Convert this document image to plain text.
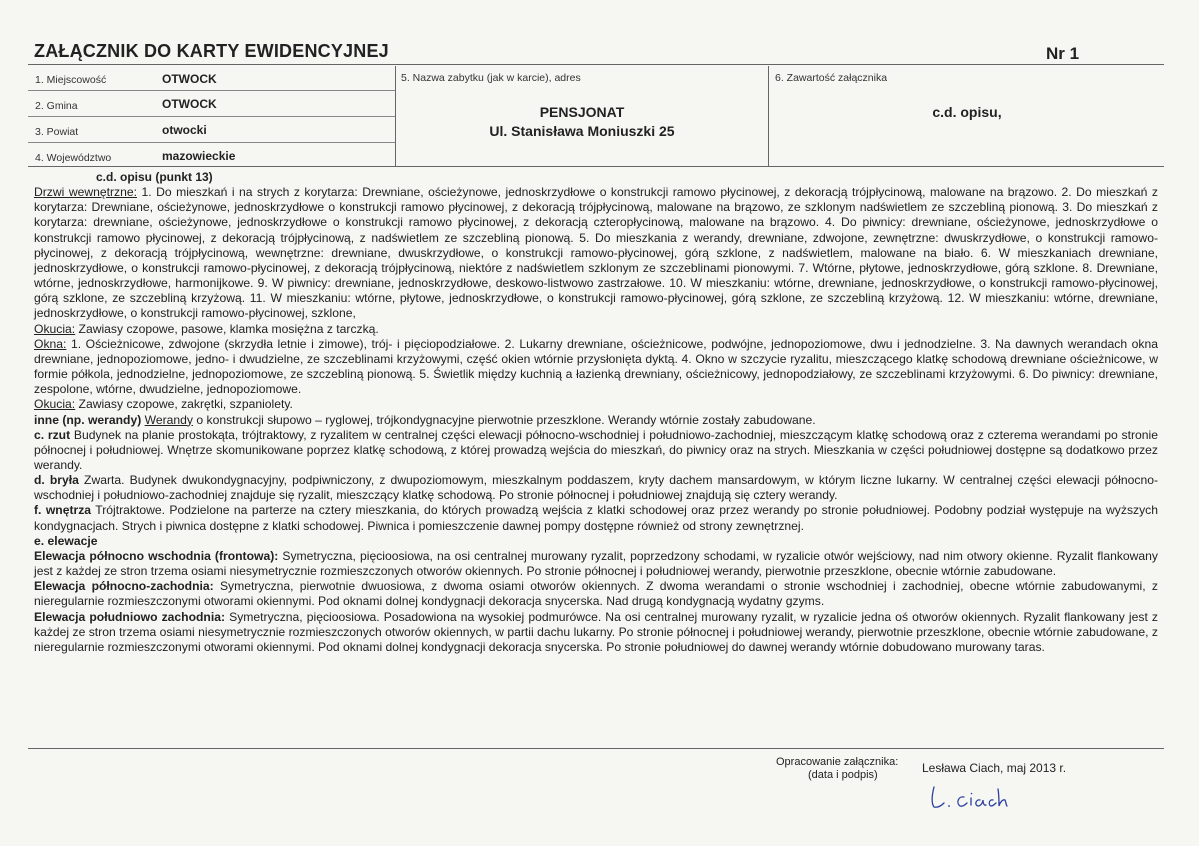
ZAŁĄCZNIK DO KARTY EWIDENCYJNEJ	Nr 1
1. Miejscowość	OTWOCK
2. Gmina	OTWOCK
3. Powiat	otwocki
4. Województwo	mazowieckie
5. Nazwa zabytku (jak w karcie), adres
PENSJONAT
Ul. Stanisława Moniuszki 25
6. Zawartość załącznika
c.d. opisu,

c.d. opisu (punkt 13)

Drzwi wewnętrzne: 1. Do mieszkań i na strych z korytarza: Drewniane, ościeżynowe, jednoskrzydłowe o konstrukcji ramowo płycinowej, z dekoracją trójpłycinową, malowane na brązowo. 2. Do mieszkań z korytarza: Drewniane, ościeżynowe, jednoskrzydłowe o konstrukcji ramowo płycinowej, z dekoracją trójpłycinową, malowane na brązowo, ze szklonym nadświetlem ze szczebliną pionową. 3. Do mieszkań z korytarza: drewniane, ościeżynowe, jednoskrzydłowe o konstrukcji ramowo płycinowej, z dekoracją czteropłycinową, malowane na brązowo. 4. Do piwnicy: drewniane, ościeżynowe, jednoskrzydłowe o konstrukcji ramowo płycinowej, z dekoracją trójpłycinową, z nadświetlem ze szczebliną pionową. 5. Do mieszkania z werandy, drewniane, zdwojone, zewnętrzne: dwuskrzydłowe, o konstrukcji ramowo-płycinowej, z dekoracją trójpłycinową, wewnętrzne: drewniane, dwuskrzydłowe, o konstrukcji ramowo-płycinowej, górą szklone, z nadświetlem, malowane na biało. 6. W mieszkaniach drewniane, jednoskrzydłowe, o konstrukcji ramowo-płycinowej, z dekoracją trójpłycinową, niektóre z nadświetlem szklonym ze szczeblinami pionowymi. 7. Wtórne, płytowe, jednoskrzydłowe, górą szklone. 8. Drewniane, wtórne, jednoskrzydłowe, harmonijkowe. 9. W piwnicy: drewniane, jednoskrzydłowe, deskowo-listwowo zastrzałowe. 10. W mieszkaniu: wtórne, drewniane, jednoskrzydłowe, o konstrukcji ramowo-płycinowej, górą szklone, ze szczebliną krzyżową. 11. W mieszkaniu: wtórne, płytowe, jednoskrzydłowe, o konstrukcji ramowo-płycinowej, górą szklone, ze szczebliną krzyżową. 12. W mieszkaniu: wtórne, drewniane, jednoskrzydłowe, o konstrukcji ramowo-płycinowej, szklone,

Okucia: Zawiasy czopowe, pasowe, klamka mosiężna z tarczką.

Okna: 1. Ościeżnicowe, zdwojone (skrzydła letnie i zimowe), trój- i pięciopodziałowe. 2. Lukarny drewniane, ościeżnicowe, podwójne, jednopoziomowe, dwu i jednodzielne. 3. Na dawnych werandach okna drewniane, jednopoziomowe, jedno- i dwudzielne, ze szczeblinami krzyżowymi, część okien wtórnie przysłonięta dyktą. 4. Okno w szczycie ryzalitu, mieszczącego klatkę schodową drewniane ościeżnicowe, w formie półkola, jednodzielne, jednopoziomowe, ze szczebliną pionową. 5. Świetlik między kuchnią a łazienką drewniany, ościeżnicowy, jednopodziałowy, ze szczeblinami krzyżowymi. 6. Do piwnicy: drewniane, zespolone, wtórne, dwudzielne, jednopoziomowe.

Okucia: Zawiasy czopowe, zakrętki, szpaniolety.

inne (np. werandy) Werandy o konstrukcji słupowo – ryglowej, trójkondygnacyjne pierwotnie przeszklone. Werandy wtórnie zostały zabudowane.

c. rzut Budynek na planie prostokąta, trójtraktowy, z ryzalitem w centralnej części elewacji północno-wschodniej i południowo-zachodniej, mieszczącym klatkę schodową oraz z czterema werandami po stronie północnej i południowej. Wnętrze skomunikowane poprzez klatkę schodową, z której prowadzą wejścia do mieszkań, do piwnicy oraz na strych. Mieszkania w części południowej dostępne są dodatkowo przez werandy.

d. bryła Zwarta. Budynek dwukondygnacyjny, podpiwniczony, z dwupoziomowym, mieszkalnym poddaszem, kryty dachem mansardowym, w którym liczne lukarny. W centralnej części elewacji północno-wschodniej i południowo-zachodniej znajduje się ryzalit, mieszczący klatkę schodową. Po stronie północnej i południowej znajdują się cztery werandy.

f. wnętrza Trójtraktowe. Podzielone na parterze na cztery mieszkania, do których prowadzą wejścia z klatki schodowej oraz przez werandy po stronie południowej. Podobny podział występuje na wyższych kondygnacjach. Strych i piwnica dostępne z klatki schodowej. Piwnica i pomieszczenie dawnej pompy dostępne również od strony zewnętrznej.

e. elewacje

Elewacja północno wschodnia (frontowa): Symetryczna, pięcioosiowa, na osi centralnej murowany ryzalit, poprzedzony schodami, w ryzalicie otwór wejściowy, nad nim otwory okienne. Ryzalit flankowany jest z każdej ze stron trzema osiami niesymetrycznie rozmieszczonych otworów okiennych. Po stronie północnej i południowej werandy, pierwotnie przeszklone, obecnie wtórnie zabudowane.

Elewacja północno-zachodnia: Symetryczna, pierwotnie dwuosiowa, z dwoma osiami otworów okiennych. Z dwoma werandami o stronie wschodniej i zachodniej, obecne wtórnie zabudowanymi, z nieregularnie rozmieszczonymi otworami okiennymi. Pod oknami dolnej kondygnacji dekoracja snycerska. Nad drugą kondygnacją wydatny gzyms.

Elewacja południowo zachodnia: Symetryczna, pięcioosiowa. Posadowiona na wysokiej podmurówce. Na osi centralnej murowany ryzalit, w ryzalicie jedna oś otworów okiennych. Ryzalit flankowany jest z każdej ze stron trzema osiami niesymetrycznie rozmieszczonych otworów okiennych, w partii dachu lukarny. Po stronie północnej i południowej werandy, pierwotnie przeszklone, obecnie wtórnie zabudowane, z nieregularnie rozmieszczonymi otworami okiennymi. Pod oknami dolnej kondygnacji dekoracja snycerska. Po stronie południowej do dawnej werandy wtórnie dobudowano murowany taras.

Opracowanie załącznika:
(data i podpis)	Lesława Ciach, maj 2013 r.
